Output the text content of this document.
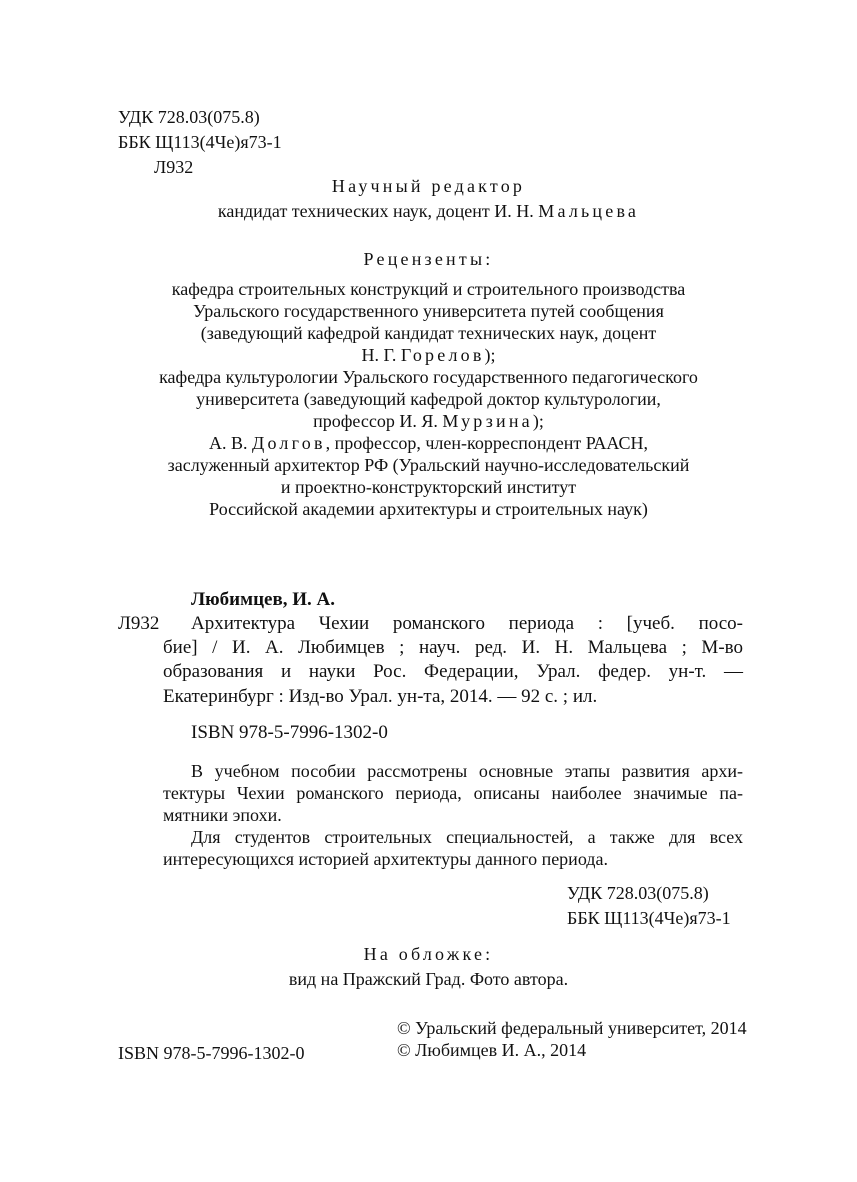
УДК 728.03(075.8)
ББК Щ113(4Че)я73-1
Л932
Научный редактор
кандидат технических наук, доцент И. Н. Мальцева
Рецензенты:
кафедра строительных конструкций и строительного производства
Уральского государственного университета путей сообщения
(заведующий кафедрой кандидат технических наук, доцент
Н. Г. Горелов);
кафедра культурологии Уральского государственного педагогического
университета (заведующий кафедрой доктор культурологии,
профессор И. Я. Мурзина);
А. В. Долгов, профессор, член-корреспондент РААСН,
заслуженный архитектор РФ (Уральский научно-исследовательский
и проектно-конструкторский институт
Российской академии архитектуры и строительных наук)
Любимцев, И. А.
Л932 Архитектура Чехии романского периода : [учеб. посо-
бие] / И. А. Любимцев ; науч. ред. И. Н. Мальцева ; М-во
образования и науки Рос. Федерации, Урал. федер. ун-т. —
Екатеринбург : Изд-во Урал. ун-та, 2014. — 92 с. ; ил.
ISBN 978-5-7996-1302-0
В учебном пособии рассмотрены основные этапы развития архи-
тектуры Чехии романского периода, описаны наиболее значимые па-
мятники эпохи.
Для студентов строительных специальностей, а также для всех
интересующихся историей архитектуры данного периода.
УДК 728.03(075.8)
ББК Щ113(4Че)я73-1
На обложке:
вид на Пражский Град. Фото автора.
© Уральский федеральный университет, 2014
© Любимцев И. А., 2014
ISBN 978-5-7996-1302-0
